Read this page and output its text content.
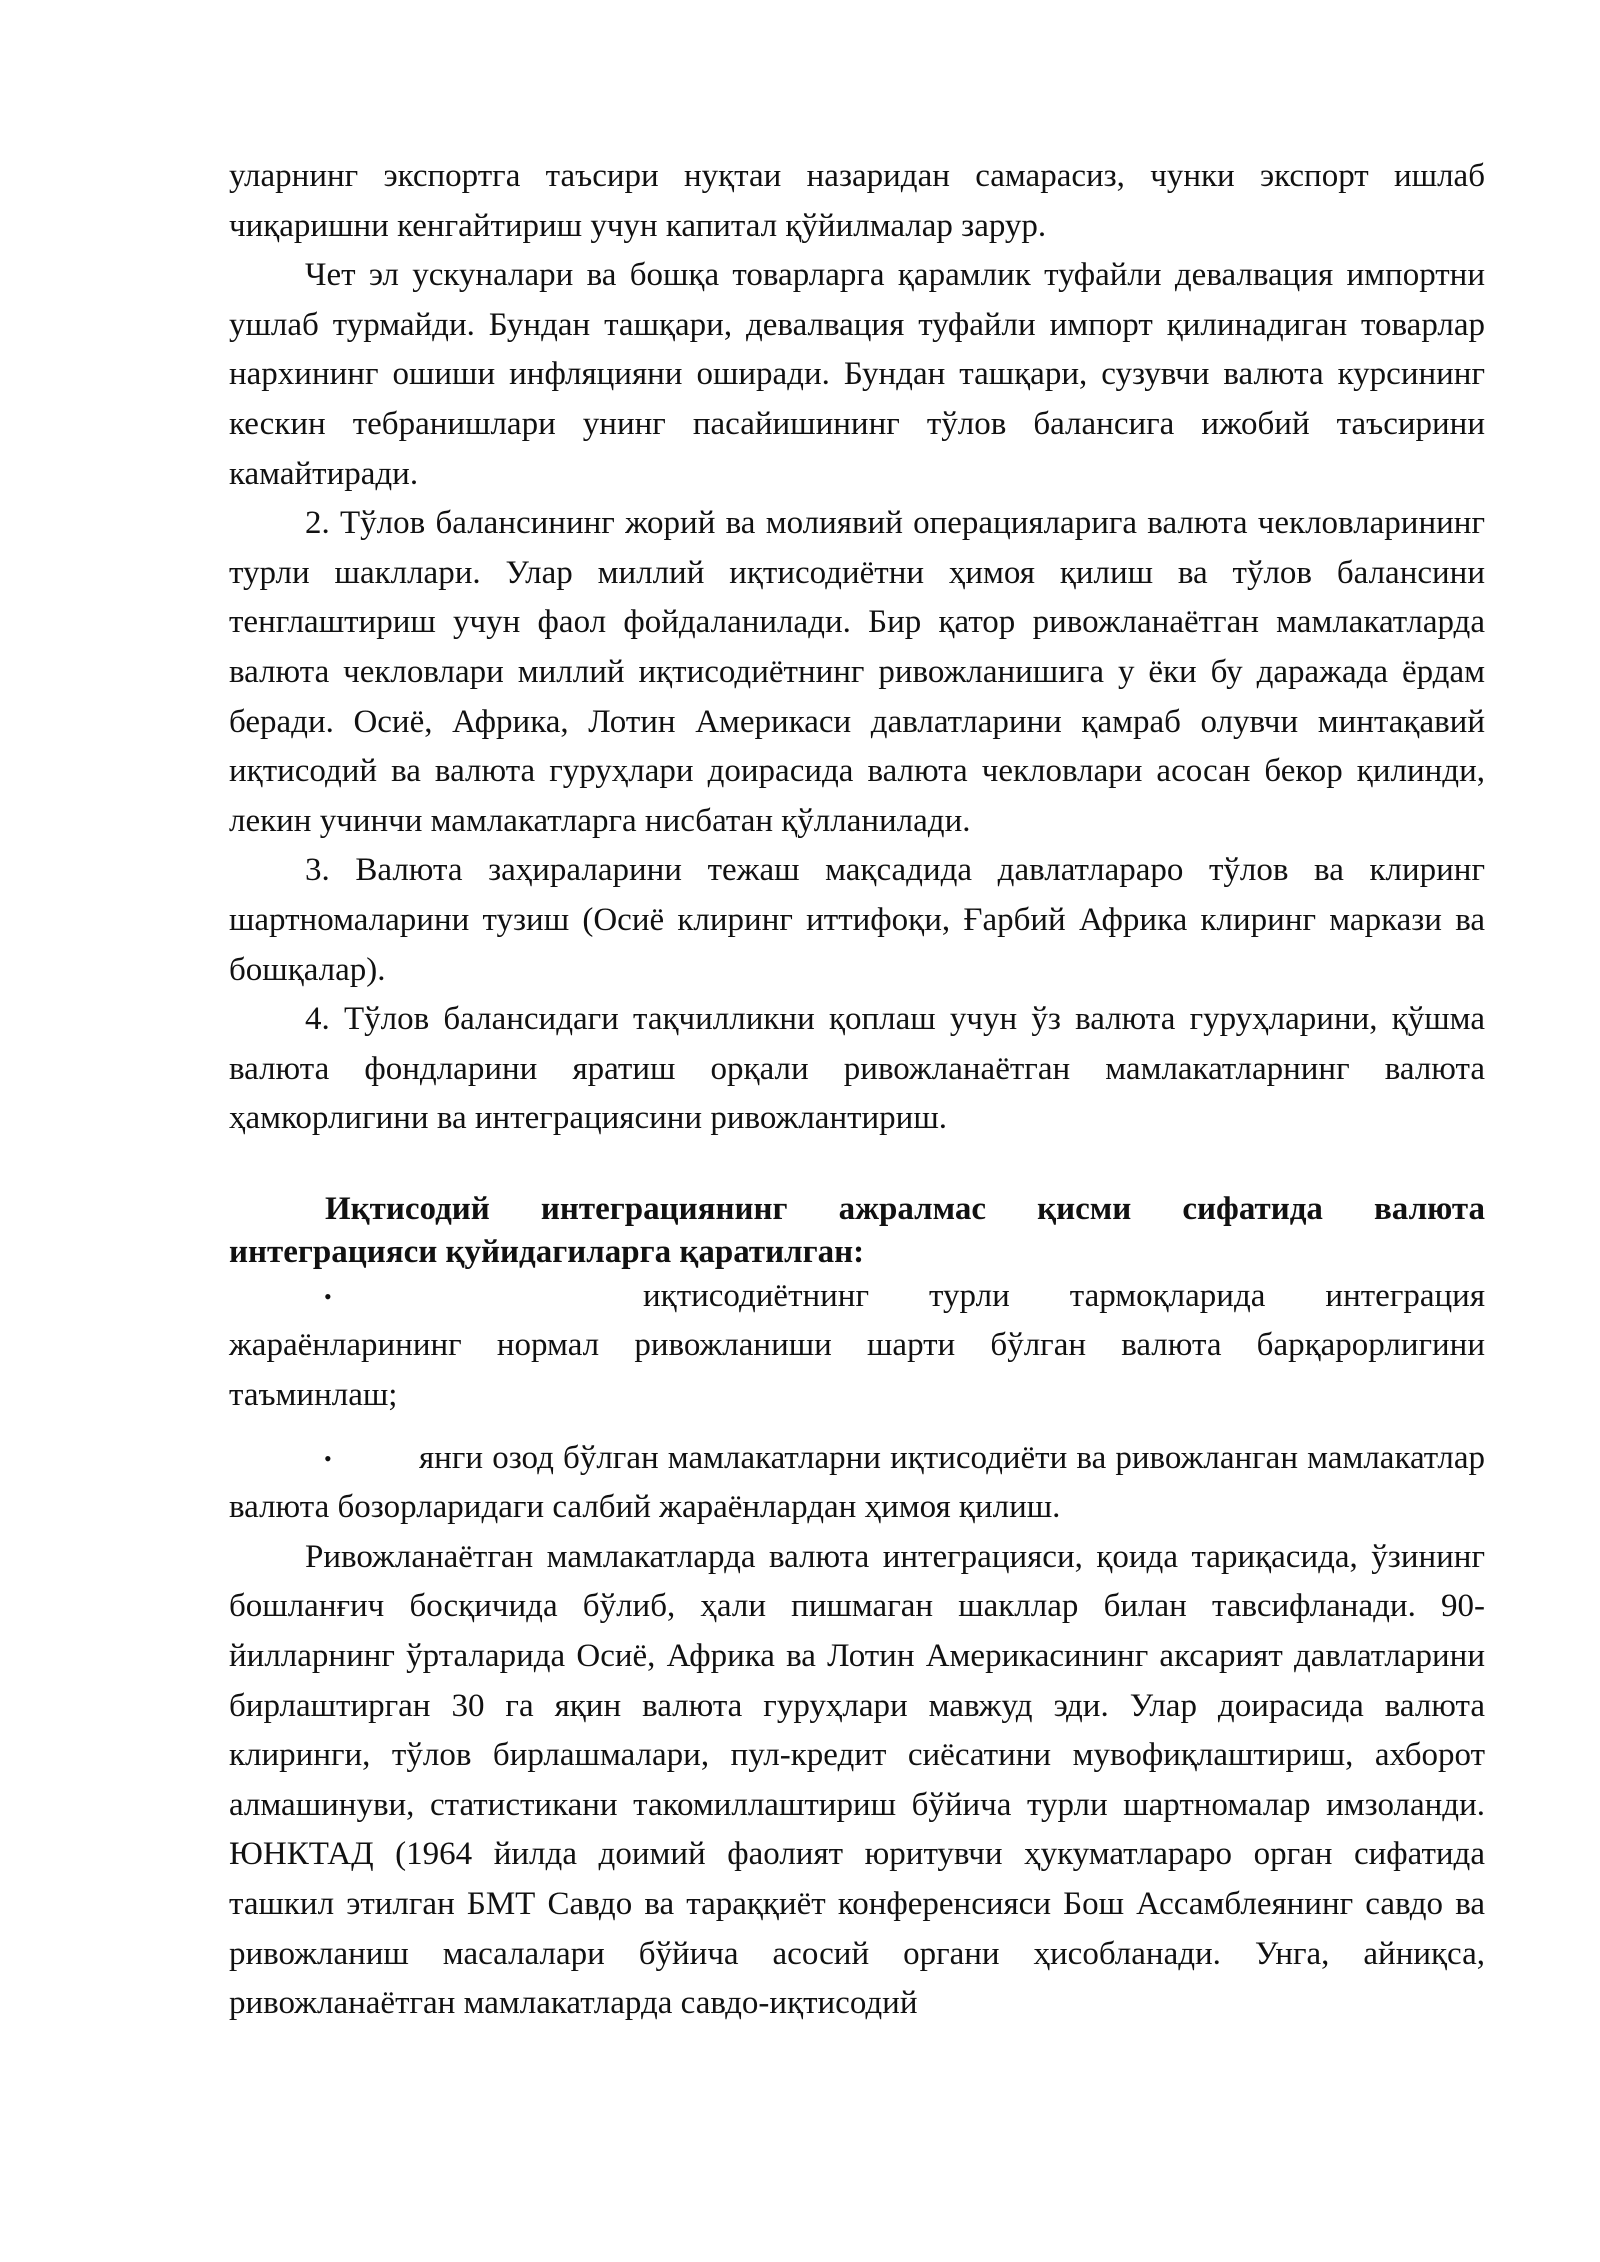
уларнинг экспортга таъсири нуқтаи назаридан самарасиз, чунки экспорт ишлаб чиқаришни кенгайтириш учун капитал қўйилмалар зарур.

Чет эл ускуналари ва бошқа товарларга қарамлик туфайли девалвация импортни ушлаб турмайди. Бундан ташқари, девалвация туфайли импорт қилинадиган товарлар нархининг ошиши инфляцияни оширади. Бундан ташқари, сузувчи валюта курсининг кескин тебранишлари унинг пасайишининг тўлов балансига ижобий таъсирини камайтиради.

2. Тўлов балансининг жорий ва молиявий операцияларига валюта чекловларининг турли шакллари. Улар миллий иқтисодиётни ҳимоя қилиш ва тўлов балансини тенглаштириш учун фаол фойдаланилади. Бир қатор ривожланаётган мамлакатларда валюта чекловлари миллий иқтисодиётнинг ривожланишига у ёки бу даражада ёрдам беради. Осиё, Африка, Лотин Америкаси давлатларини қамраб олувчи минтақавий иқтисодий ва валюта гуруҳлари доирасида валюта чекловлари асосан бекор қилинди, лекин учинчи мамлакатларга нисбатан қўлланилади.

3. Валюта заҳираларини тежаш мақсадида давлатлараро тўлов ва клиринг шартномаларини тузиш (Осиё клиринг иттифоқи, Ғарбий Африка клиринг маркази ва бошқалар).

4. Тўлов балансидаги тақчилликни қоплаш учун ўз валюта гуруҳларини, қўшма валюта фондларини яратиш орқали ривожланаётган мамлакатларнинг валюта ҳамкорлигини ва интеграциясини ривожлантириш.

Иқтисодий интеграциянинг ажралмас қисми сифатида валюта интеграцияси қуйидагиларга қаратилган:

•	иқтисодиётнинг турли тармоқларида интеграция жараёнларининг нормал ривожланиши шарти бўлган валюта барқарорлигини таъминлаш;

•	янги озод бўлган мамлакатларни иқтисодиёти ва ривожланган мамлакатлар валюта бозорларидаги салбий жараёнлардан ҳимоя қилиш.

Ривожланаётган мамлакатларда валюта интеграцияси, қоида тариқасида, ўзининг бошланғич босқичида бўлиб, ҳали пишмаган шакллар билан тавсифланади. 90-йилларнинг ўрталарида Осиё, Африка ва Лотин Америкасининг аксарият давлатларини бирлаштирган 30 га яқин валюта гуруҳлари мавжуд эди. Улар доирасида валюта клиринги, тўлов бирлашмалари, пул-кредит сиёсатини мувофиқлаштириш, ахборот алмашинуви, статистикани такомиллаштириш бўйича турли шартномалар имзоланди. ЮНКТАД (1964 йилда доимий фаолият юритувчи ҳукуматлараро орган сифатида ташкил этилган БМТ Савдо ва тараққиёт конференсияси Бош Ассамблеянинг савдо ва ривожланиш масалалари бўйича асосий органи ҳисобланади. Унга, айниқса, ривожланаётган мамлакатларда савдо-иқтисодий
